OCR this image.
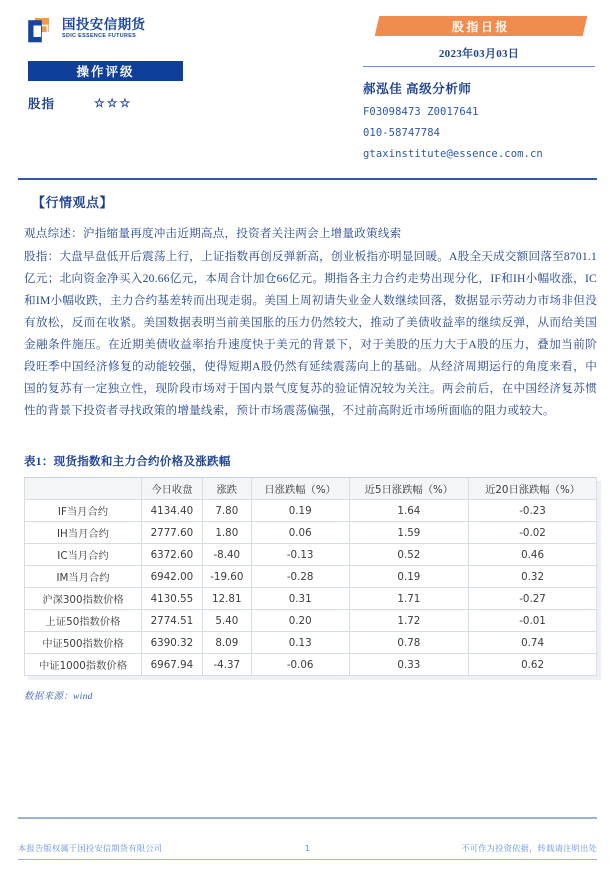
国投安信期货
SDIC ESSENCE FUTURES
操作评级
股指	☆☆☆
股指日报
2023年03月03日
郝泓佳 高级分析师
F03098473 Z0017641
010-58747784
gtaxinstitute@essence.com.cn
【行情观点】

观点综述：沪指缩量再度冲击近期高点，投资者关注两会上增量政策线索

股指：大盘早盘低开后震荡上行，上证指数再创反弹新高，创业板指亦明显回暖。A股全天成交额回落至8701.1亿元；北向资金净买入20.66亿元，本周合计加仓66亿元。期指各主力合约走势出现分化，IF和IH小幅收涨，IC和IM小幅收跌，主力合约基差转而出现走弱。美国上周初请失业金人数继续回落，数据显示劳动力市场非但没有放松，反而在收紧。美国数据表明当前美国胀的压力仍然较大，推动了美债收益率的继续反弹，从而给美国金融条件施压。在近期美债收益率抬升速度快于美元的背景下，对于美股的压力大于A股的压力，叠加当前阶段旺季中国经济修复的动能较强，使得短期A股仍然有延续震荡向上的基础。从经济周期运行的角度来看，中国的复苏有一定独立性，现阶段市场对于国内景气度复苏的验证情况较为关注。两会前后，在中国经济复苏惯性的背景下投资者寻找政策的增量线索，预计市场震荡偏强，不过前高附近市场所面临的阻力或较大。

表1：现货指数和主力合约价格及涨跌幅
	今日收盘	涨跌	日涨跌幅（%）	近5日涨跌幅（%）	近20日涨跌幅（%）
IF当月合约	4134.40	7.80	0.19	1.64	-0.23
IH当月合约	2777.60	1.80	0.06	1.59	-0.02
IC当月合约	6372.60	-8.40	-0.13	0.52	0.46
IM当月合约	6942.00	-19.60	-0.28	0.19	0.32
沪深300指数价格	4130.55	12.81	0.31	1.71	-0.27
上证50指数价格	2774.51	5.40	0.20	1.72	-0.01
中证500指数价格	6390.32	8.09	0.13	0.78	0.74
中证1000指数价格	6967.94	-4.37	-0.06	0.33	0.62
数据来源：wind
本报告版权属于国投安信期货有限公司	1	不可作为投资依据，转载请注明出处
